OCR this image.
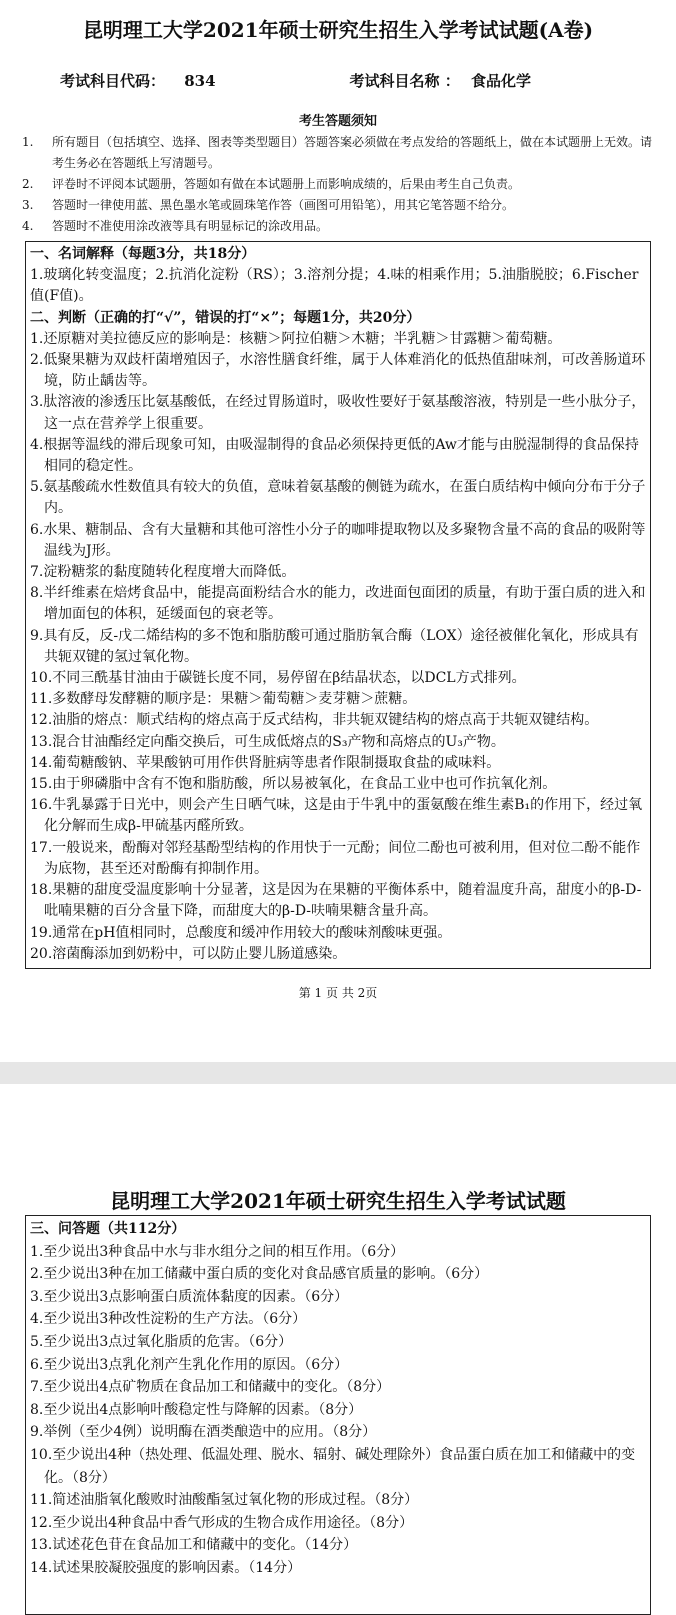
昆明理工大学2021年硕士研究生招生入学考试试题(A卷)
考试科目代码： 834	考试科目名称 ： 食品化学
考生答题须知
1.	所有题目（包括填空、选择、图表等类型题目）答题答案必须做在考点发给的答题纸上，做在本试题册上无效。请考生务必在答题纸上写清题号。
2.	评卷时不评阅本试题册，答题如有做在本试题册上而影响成绩的，后果由考生自己负责。
3.	答题时一律使用蓝、黑色墨水笔或圆珠笔作答（画图可用铅笔），用其它笔答题不给分。
4.	答题时不准使用涂改液等具有明显标记的涂改用品。
一、名词解释（每题3分，共18分）
1.玻璃化转变温度；2.抗消化淀粉（RS）；3.溶剂分提；4.味的相乘作用；5.油脂脱胶；6.Fischer值(F值)。
二、判断（正确的打“√”，错误的打“×”；每题1分，共20分）
1.还原糖对美拉德反应的影响是：核糖＞阿拉伯糖＞木糖；半乳糖＞甘露糖＞葡萄糖。
2.低聚果糖为双歧杆菌增殖因子，水溶性膳食纤维，属于人体难消化的低热值甜味剂，可改善肠道环境，防止龋齿等。
3.肽溶液的渗透压比氨基酸低，在经过胃肠道时，吸收性要好于氨基酸溶液，特别是一些小肽分子，这一点在营养学上很重要。
4.根据等温线的滞后现象可知，由吸湿制得的食品必须保持更低的Aw才能与由脱湿制得的食品保持相同的稳定性。
5.氨基酸疏水性数值具有较大的负值，意味着氨基酸的侧链为疏水，在蛋白质结构中倾向分布于分子内。
6.水果、糖制品、含有大量糖和其他可溶性小分子的咖啡提取物以及多聚物含量不高的食品的吸附等温线为J形。
7.淀粉糖浆的黏度随转化程度增大而降低。
8.半纤维素在焙烤食品中，能提高面粉结合水的能力，改进面包面团的质量，有助于蛋白质的进入和增加面包的体积，延缓面包的衰老等。
9.具有反，反-戊二烯结构的多不饱和脂肪酸可通过脂肪氧合酶（LOX）途径被催化氧化，形成具有共轭双键的氢过氧化物。
10.不同三酰基甘油由于碳链长度不同，易停留在β结晶状态，以DCL方式排列。
11.多数酵母发酵糖的顺序是：果糖＞葡萄糖＞麦芽糖＞蔗糖。
12.油脂的熔点：顺式结构的熔点高于反式结构，非共轭双键结构的熔点高于共轭双键结构。
13.混合甘油酯经定向酯交换后，可生成低熔点的S₃产物和高熔点的U₃产物。
14.葡萄糖酸钠、苹果酸钠可用作供肾脏病等患者作限制摄取食盐的咸味料。
15.由于卵磷脂中含有不饱和脂肪酸，所以易被氧化，在食品工业中也可作抗氧化剂。
16.牛乳暴露于日光中，则会产生日晒气味，这是由于牛乳中的蛋氨酸在维生素B₁的作用下，经过氧化分解而生成β-甲硫基丙醛所致。
17.一般说来，酚酶对邻羟基酚型结构的作用快于一元酚；间位二酚也可被利用，但对位二酚不能作为底物，甚至还对酚酶有抑制作用。
18.果糖的甜度受温度影响十分显著，这是因为在果糖的平衡体系中，随着温度升高，甜度小的β-D-吡喃果糖的百分含量下降，而甜度大的β-D-呋喃果糖含量升高。
19.通常在pH值相同时，总酸度和缓冲作用较大的酸味剂酸味更强。
20.溶菌酶添加到奶粉中，可以防止婴儿肠道感染。
第 1 页 共 2页
昆明理工大学2021年硕士研究生招生入学考试试题
三、问答题（共112分）
1.至少说出3种食品中水与非水组分之间的相互作用。（6分）
2.至少说出3种在加工储藏中蛋白质的变化对食品感官质量的影响。（6分）
3.至少说出3点影响蛋白质流体黏度的因素。（6分）
4.至少说出3种改性淀粉的生产方法。（6分）
5.至少说出3点过氧化脂质的危害。（6分）
6.至少说出3点乳化剂产生乳化作用的原因。（6分）
7.至少说出4点矿物质在食品加工和储藏中的变化。（8分）
8.至少说出4点影响叶酸稳定性与降解的因素。（8分）
9.举例（至少4例）说明酶在酒类酿造中的应用。（8分）
10.至少说出4种（热处理、低温处理、脱水、辐射、碱处理除外）食品蛋白质在加工和储藏中的变化。（8分）
11.简述油脂氧化酸败时油酸酯氢过氧化物的形成过程。（8分）
12.至少说出4种食品中香气形成的生物合成作用途径。（8分）
13.试述花色苷在食品加工和储藏中的变化。（14分）
14.试述果胶凝胶强度的影响因素。（14分）
